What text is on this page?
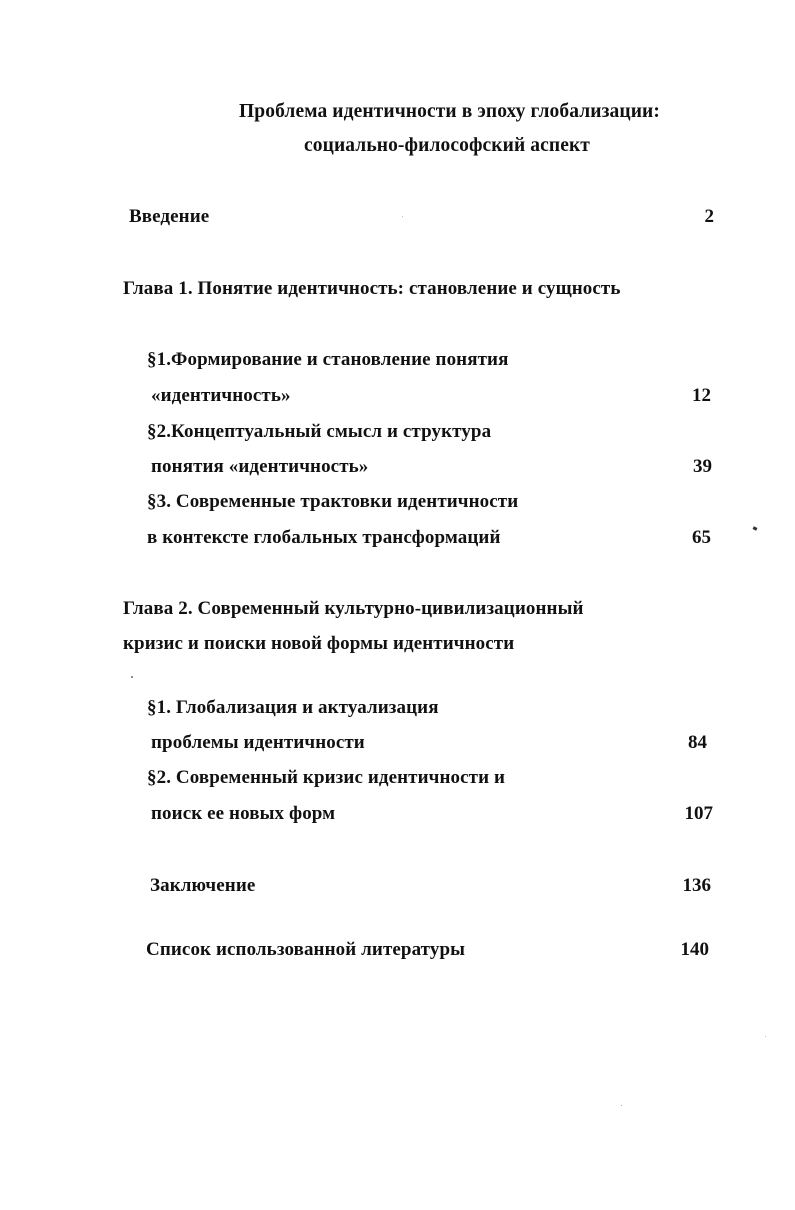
Проблема идентичности в эпоху глобализации:
социально-философский аспект
Введение	2
Глава 1. Понятие идентичность: становление и сущность
§1.Формирование и становление понятия
«идентичность»	12
§2.Концептуальный смысл и структура
понятия «идентичность»	39
§3. Современные трактовки идентичности
в контексте глобальных трансформаций	65
Глава 2. Современный культурно-цивилизационный
кризис и поиски новой формы идентичности
§1. Глобализация и актуализация
проблемы идентичности	84
§2. Современный кризис идентичности и
поиск ее новых форм	107
Заключение	136
Список использованной литературы	140
